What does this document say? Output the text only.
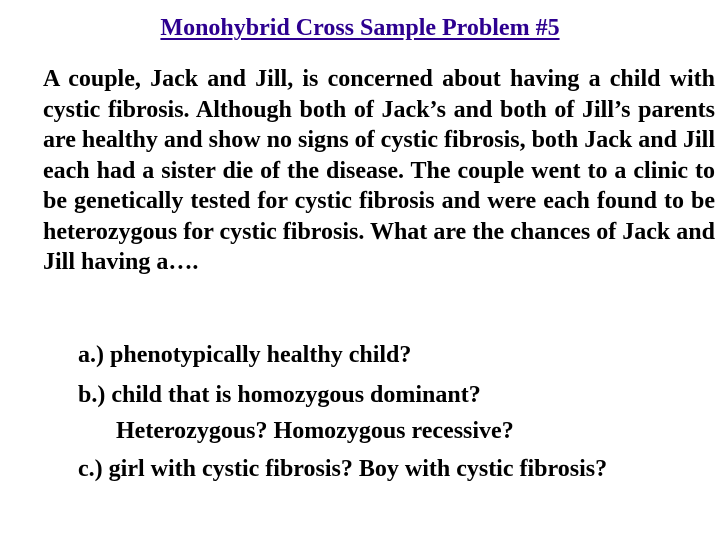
Monohybrid Cross Sample Problem #5
A couple, Jack and Jill, is concerned about having a child with cystic fibrosis. Although both of Jack’s and both of Jill’s parents are healthy and show no signs of cystic fibrosis, both Jack and Jill each had a sister die of the disease. The couple went to a clinic to be genetically tested for cystic fibrosis and were each found to be heterozygous for cystic fibrosis. What are the chances of Jack and Jill having a….
a.) phenotypically healthy child?
b.) child that is homozygous dominant?
Heterozygous? Homozygous recessive?
c.) girl with cystic fibrosis? Boy with cystic fibrosis?
